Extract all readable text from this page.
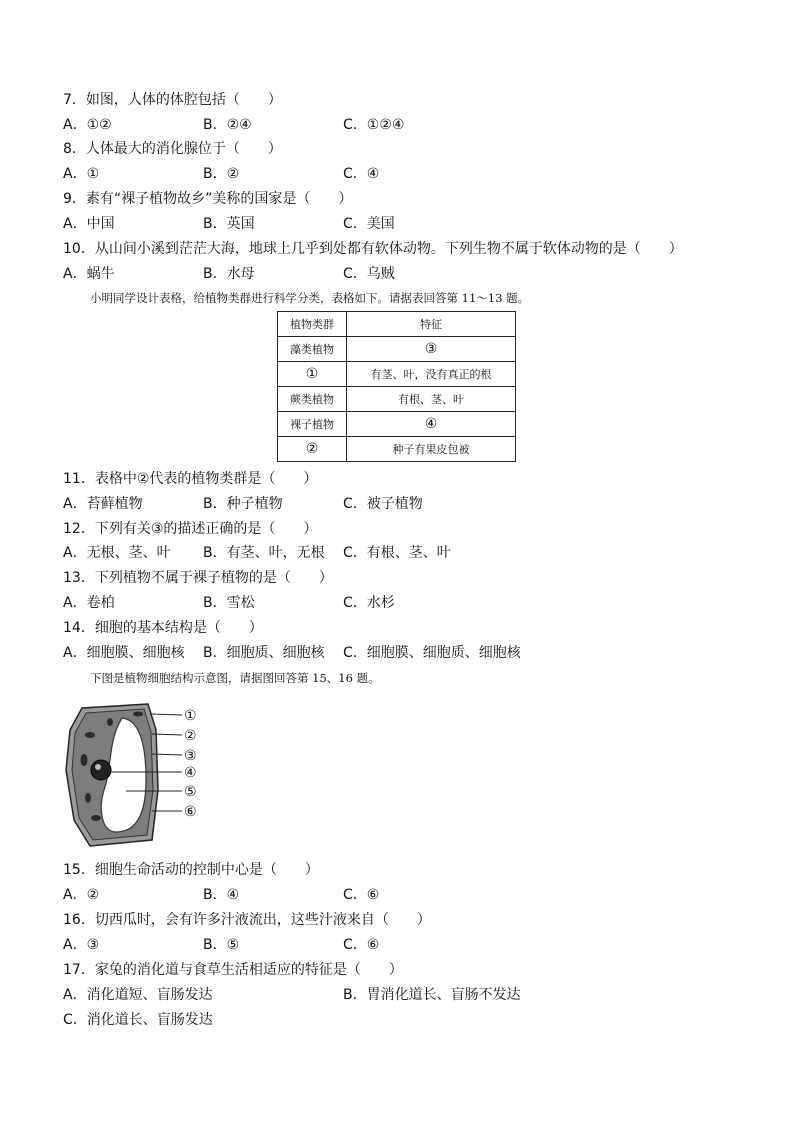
7．如图，人体的体腔包括（　　）
A．①②	B．②④	C．①②④
8．人体最大的消化腺位于（　　）
A．①	B．②	C．④
9．素有“裸子植物故乡”美称的国家是（　　）
A．中国	B．英国	C．美国
10．从山间小溪到茫茫大海，地球上几乎到处都有软体动物。下列生物不属于软体动物的是（　　）
A．蜗牛	B．水母	C．乌贼
小明同学设计表格，给植物类群进行科学分类，表格如下。请据表回答第 11～13 题。
植物类群	特征
藻类植物	③
①	有茎、叶，没有真正的根
蕨类植物	有根、茎、叶
裸子植物	④
②	种子有果皮包被
11．表格中②代表的植物类群是（　　）
A．苔藓植物	B．种子植物	C．被子植物
12．下列有关③的描述正确的是（　　）
A．无根、茎、叶 B．有茎、叶，无根 C．有根、茎、叶
13．下列植物不属于裸子植物的是（　　）
A．卷柏	B．雪松	C．水杉
14．细胞的基本结构是（　　）
A．细胞膜、细胞核 B．细胞质、细胞核 C．细胞膜、细胞质、细胞核
下图是植物细胞结构示意图，请据图回答第 15、16 题。
①
②
③
④
⑤
⑥
15．细胞生命活动的控制中心是（　　）
A．②	B．④	C．⑥
16．切西瓜时，会有许多汁液流出，这些汁液来自（　　）
A．③	B．⑤	C．⑥
17．家兔的消化道与食草生活相适应的特征是（　　）
A．消化道短、盲肠发达	B．胃消化道长、盲肠不发达
C．消化道长、盲肠发达
